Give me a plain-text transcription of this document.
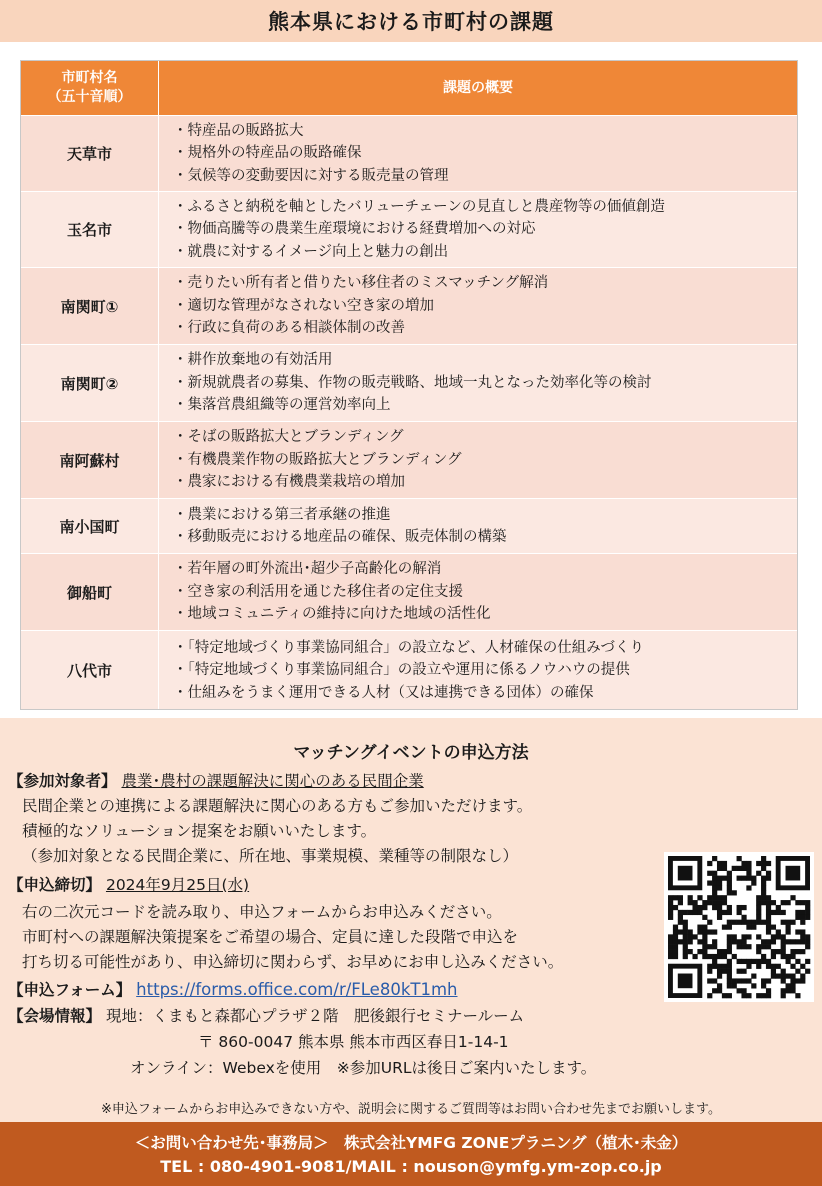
熊本県における市町村の課題
市町村名
（五十音順）	課題の概要
天草市	・特産品の販路拡大
・規格外の特産品の販路確保
・気候等の変動要因に対する販売量の管理

玉名市	・ふるさと納税を軸としたバリューチェーンの見直しと農産物等の価値創造
・物価高騰等の農業生産環境における経費増加への対応
・就農に対するイメージ向上と魅力の創出

南関町①	・売りたい所有者と借りたい移住者のミスマッチング解消
・適切な管理がなされない空き家の増加
・行政に負荷のある相談体制の改善

南関町②	・耕作放棄地の有効活用
・新規就農者の募集、作物の販売戦略、地域一丸となった効率化等の検討
・集落営農組織等の運営効率向上

南阿蘇村	・そばの販路拡大とブランディング
・有機農業作物の販路拡大とブランディング
・農家における有機農業栽培の増加

南小国町	・農業における第三者承継の推進
・移動販売における地産品の確保、販売体制の構築

御船町	・若年層の町外流出･超少子高齢化の解消
・空き家の利活用を通じた移住者の定住支援
・地域コミュニティの維持に向けた地域の活性化

八代市	・「特定地域づくり事業協同組合」の設立など、人材確保の仕組みづくり
・「特定地域づくり事業協同組合」の設立や運用に係るノウハウの提供
・仕組みをうまく運用できる人材（又は連携できる団体）の確保
マッチングイベントの申込方法
【参加対象者】 農業･農村の課題解決に関心のある民間企業
民間企業との連携による課題解決に関心のある方もご参加いただけます。
積極的なソリューション提案をお願いいたします。
（参加対象となる民間企業に、所在地、事業規模、業種等の制限なし）
【申込締切】 2024年9月25日(水)
右の二次元コードを読み取り、申込フォームからお申込みください。
市町村への課題解決策提案をご希望の場合、定員に達した段階で申込を
打ち切る可能性があり、申込締切に関わらず、お早めにお申し込みください。
【申込フォーム】 https://forms.office.com/r/FLe80kT1mh
【会場情報】 現地：くまもと森都心プラザ２階　肥後銀行セミナールーム
〒 860-0047 熊本県 熊本市西区春日1-14-1
オンライン：Webexを使用　※参加URLは後日ご案内いたします。
※申込フォームからお申込みできない方や、説明会に関するご質問等はお問い合わせ先までお願いします。
＜お問い合わせ先･事務局＞　株式会社YMFG ZONEプラニング（植木･未金）
TEL : 080-4901-9081/MAIL : nouson@ymfg.ym-zop.co.jp
